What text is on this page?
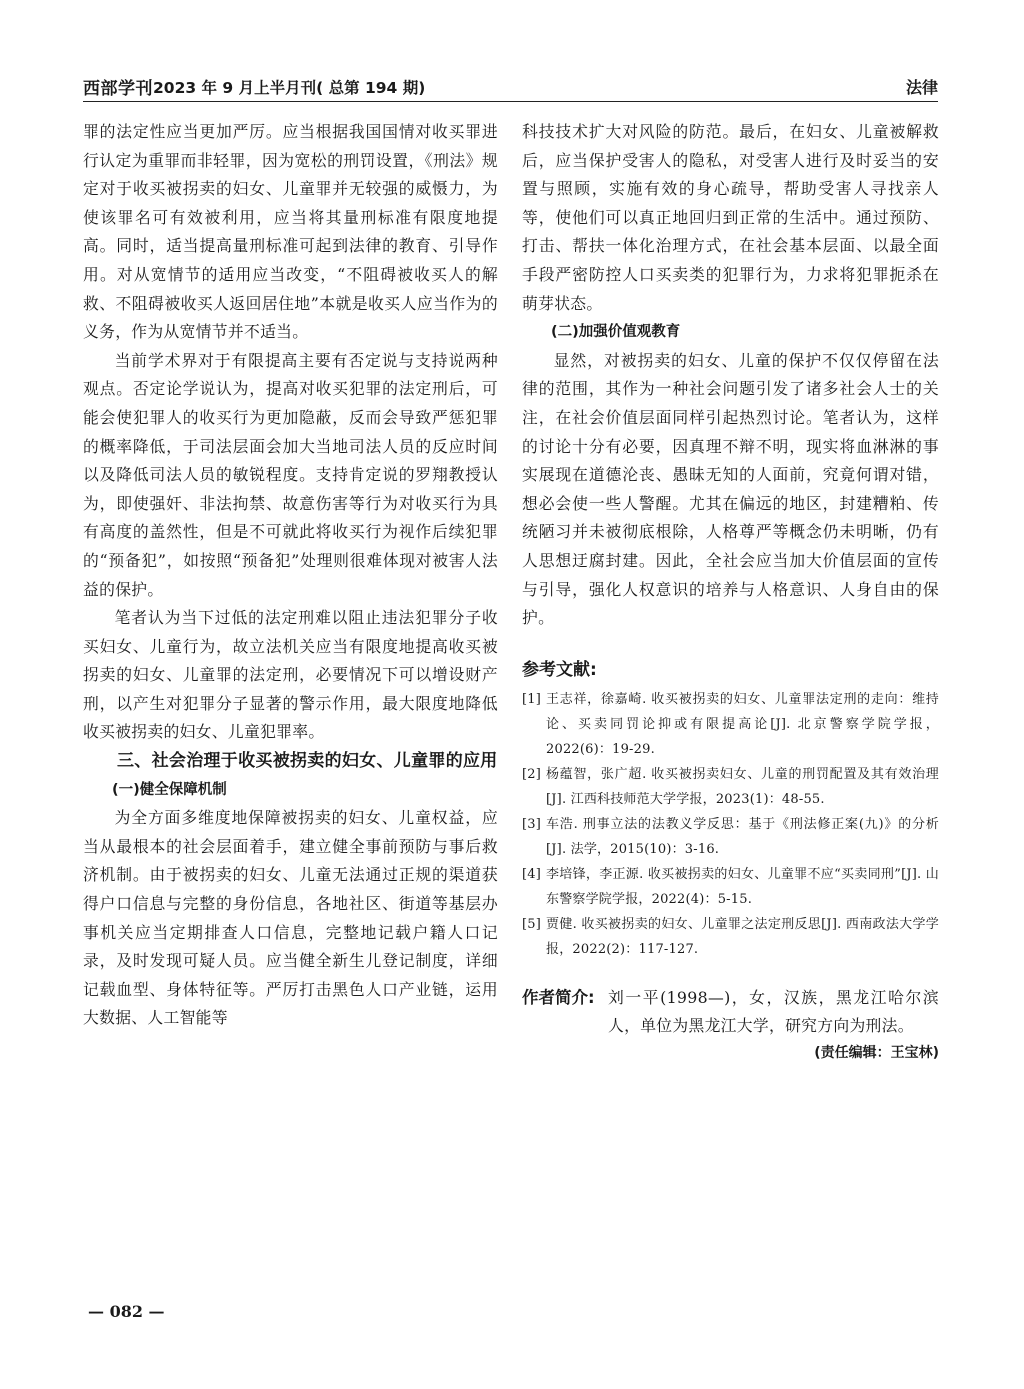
西部学刊 2023 年 9 月上半月刊( 总第 194 期)	法律

罪的法定性应当更加严厉。应当根据我国国情对收买罪进行认定为重罪而非轻罪，因为宽松的刑罚设置，《刑法》规定对于收买被拐卖的妇女、儿童罪并无较强的威慑力，为使该罪名可有效被利用，应当将其量刑标准有限度地提高。同时，适当提高量刑标准可起到法律的教育、引导作用。对从宽情节的适用应当改变，“不阻碍被收买人的解救、不阻碍被收买人返回居住地”本就是收买人应当作为的义务，作为从宽情节并不适当。

当前学术界对于有限提高主要有否定说与支持说两种观点。否定论学说认为，提高对收买犯罪的法定刑后，可能会使犯罪人的收买行为更加隐蔽，反而会导致严惩犯罪的概率降低，于司法层面会加大当地司法人员的反应时间以及降低司法人员的敏锐程度。支持肯定说的罗翔教授认为，即使强奸、非法拘禁、故意伤害等行为对收买行为具有高度的盖然性，但是不可就此将收买行为视作后续犯罪的“预备犯”，如按照“预备犯”处理则很难体现对被害人法益的保护。

笔者认为当下过低的法定刑难以阻止违法犯罪分子收买妇女、儿童行为，故立法机关应当有限度地提高收买被拐卖的妇女、儿童罪的法定刑，必要情况下可以增设财产刑，以产生对犯罪分子显著的警示作用，最大限度地降低收买被拐卖的妇女、儿童犯罪率。

三、社会治理于收买被拐卖的妇女、儿童罪的应用

(一)健全保障机制

为全方面多维度地保障被拐卖的妇女、儿童权益，应当从最根本的社会层面着手，建立健全事前预防与事后救济机制。由于被拐卖的妇女、儿童无法通过正规的渠道获得户口信息与完整的身份信息，各地社区、街道等基层办事机关应当定期排查人口信息，完整地记载户籍人口记录，及时发现可疑人员。应当健全新生儿登记制度，详细记载血型、身体特征等。严厉打击黑色人口产业链，运用大数据、人工智能等

科技技术扩大对风险的防范。最后，在妇女、儿童被解救后，应当保护受害人的隐私，对受害人进行及时妥当的安置与照顾，实施有效的身心疏导，帮助受害人寻找亲人等，使他们可以真正地回归到正常的生活中。通过预防、打击、帮扶一体化治理方式，在社会基本层面、以最全面手段严密防控人口买卖类的犯罪行为，力求将犯罪扼杀在萌芽状态。

(二)加强价值观教育

显然，对被拐卖的妇女、儿童的保护不仅仅停留在法律的范围，其作为一种社会问题引发了诸多社会人士的关注，在社会价值层面同样引起热烈讨论。笔者认为，这样的讨论十分有必要，因真理不辩不明，现实将血淋淋的事实展现在道德沦丧、愚昧无知的人面前，究竟何谓对错，想必会使一些人警醒。尤其在偏远的地区，封建糟粕、传统陋习并未被彻底根除，人格尊严等概念仍未明晰，仍有人思想迂腐封建。因此，全社会应当加大价值层面的宣传与引导，强化人权意识的培养与人格意识、人身自由的保护。

参考文献:
[1] 王志祥，徐嘉崎. 收买被拐卖的妇女、儿童罪法定刑的走向：维持论、买卖同罚论抑或有限提高论[J]. 北京警察学院学报，2022(6)：19-29.
[2] 杨蕴智，张广超. 收买被拐卖妇女、儿童的刑罚配置及其有效治理[J]. 江西科技师范大学学报，2023(1)：48-55.
[3] 车浩. 刑事立法的法教义学反思：基于《刑法修正案(九)》的分析[J]. 法学，2015(10)：3-16.
[4] 李培锋，李正源. 收买被拐卖的妇女、儿童罪不应“买卖同刑”[J]. 山东警察学院学报，2022(4)：5-15.
[5] 贾健. 收买被拐卖的妇女、儿童罪之法定刑反思[J]. 西南政法大学学报，2022(2)：117-127.
作者简介: 刘一平(1998—)，女，汉族，黑龙江哈尔滨人，单位为黑龙江大学，研究方向为刑法。
(责任编辑：王宝林)
— 082 —
